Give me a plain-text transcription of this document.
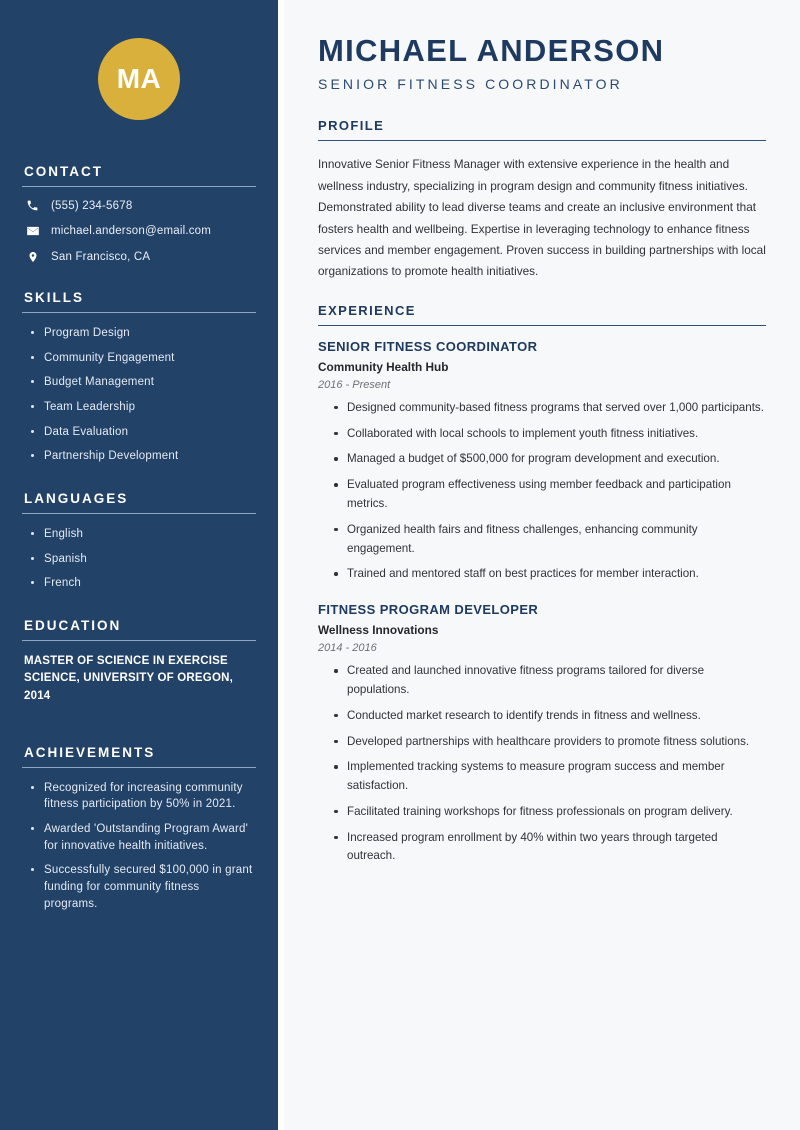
MA
CONTACT
(555) 234-5678
michael.anderson@email.com
San Francisco, CA
SKILLS
Program Design
Community Engagement
Budget Management
Team Leadership
Data Evaluation
Partnership Development
LANGUAGES
English
Spanish
French
EDUCATION
MASTER OF SCIENCE IN EXERCISE SCIENCE, UNIVERSITY OF OREGON, 2014
ACHIEVEMENTS
Recognized for increasing community fitness participation by 50% in 2021.
Awarded 'Outstanding Program Award' for innovative health initiatives.
Successfully secured $100,000 in grant funding for community fitness programs.
MICHAEL ANDERSON
SENIOR FITNESS COORDINATOR
PROFILE

Innovative Senior Fitness Manager with extensive experience in the health and wellness industry, specializing in program design and community fitness initiatives. Demonstrated ability to lead diverse teams and create an inclusive environment that fosters health and wellbeing. Expertise in leveraging technology to enhance fitness services and member engagement. Proven success in building partnerships with local organizations to promote health initiatives.

EXPERIENCE
SENIOR FITNESS COORDINATOR
Community Health Hub
2016 - Present
Designed community-based fitness programs that served over 1,000 participants.
Collaborated with local schools to implement youth fitness initiatives.
Managed a budget of $500,000 for program development and execution.
Evaluated program effectiveness using member feedback and participation metrics.
Organized health fairs and fitness challenges, enhancing community engagement.
Trained and mentored staff on best practices for member interaction.
FITNESS PROGRAM DEVELOPER
Wellness Innovations
2014 - 2016
Created and launched innovative fitness programs tailored for diverse populations.
Conducted market research to identify trends in fitness and wellness.
Developed partnerships with healthcare providers to promote fitness solutions.
Implemented tracking systems to measure program success and member satisfaction.
Facilitated training workshops for fitness professionals on program delivery.
Increased program enrollment by 40% within two years through targeted outreach.
